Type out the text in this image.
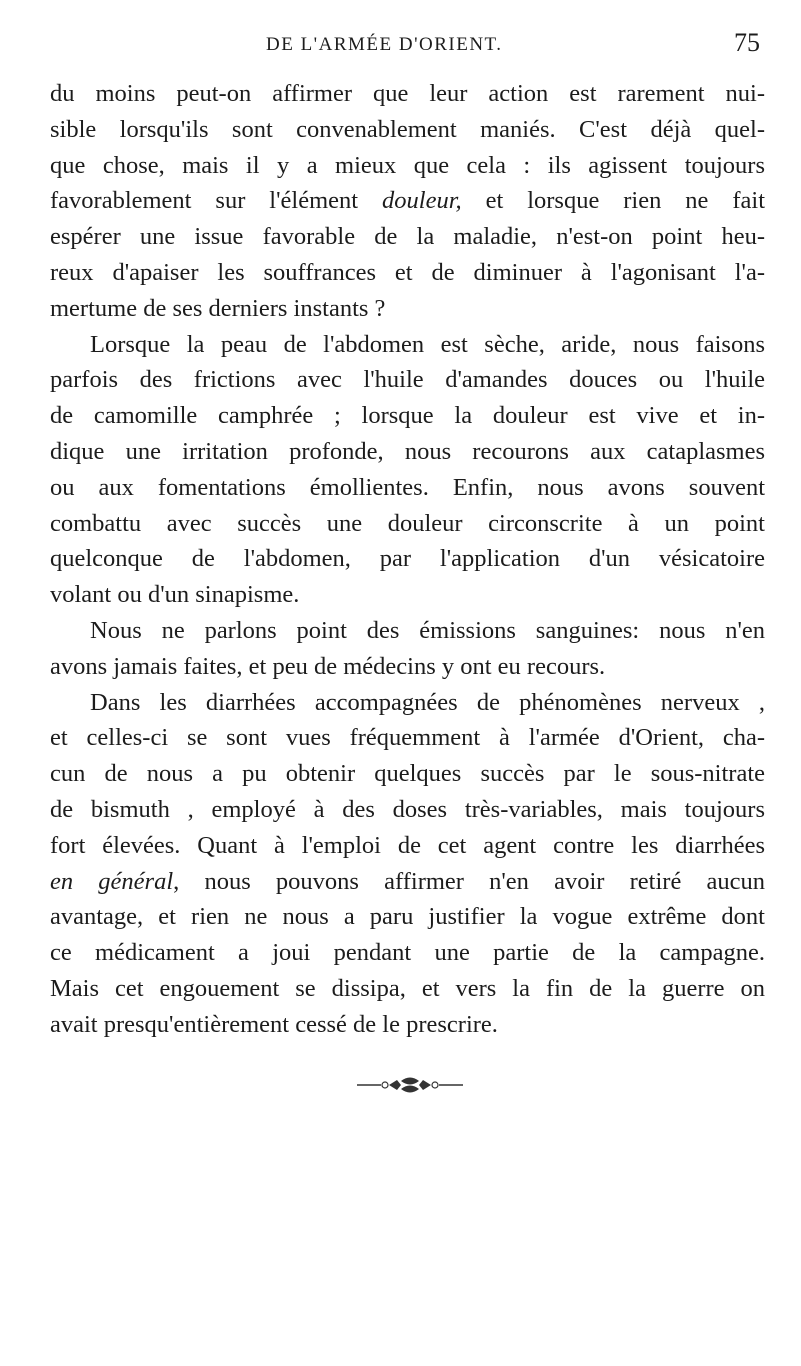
DE L'ARMÉE D'ORIENT.	75
du moins peut-on affirmer que leur action est rarement nui-
sible lorsqu'ils sont convenablement maniés. C'est déjà quel-
que chose, mais il y a mieux que cela : ils agissent toujours
favorablement sur l'élément douleur, et lorsque rien ne fait
espérer une issue favorable de la maladie, n'est-on point heu-
reux d'apaiser les souffrances et de diminuer à l'agonisant l'a-
mertume de ses derniers instants ?
Lorsque la peau de l'abdomen est sèche, aride, nous faisons
parfois des frictions avec l'huile d'amandes douces ou l'huile
de camomille camphrée ; lorsque la douleur est vive et in-
dique une irritation profonde, nous recourons aux cataplasmes
ou aux fomentations émollientes. Enfin, nous avons souvent
combattu avec succès une douleur circonscrite à un point
quelconque de l'abdomen, par l'application d'un vésicatoire
volant ou d'un sinapisme.
Nous ne parlons point des émissions sanguines: nous n'en
avons jamais faites, et peu de médecins y ont eu recours.
Dans les diarrhées accompagnées de phénomènes nerveux ,
et celles-ci se sont vues fréquemment à l'armée d'Orient, cha-
cun de nous a pu obtenir quelques succès par le sous-nitrate
de bismuth , employé à des doses très-variables, mais toujours
fort élevées. Quant à l'emploi de cet agent contre les diarrhées
en général, nous pouvons affirmer n'en avoir retiré aucun
avantage, et rien ne nous a paru justifier la vogue extrême dont
ce médicament a joui pendant une partie de la campagne.
Mais cet engouement se dissipa, et vers la fin de la guerre on
avait presqu'entièrement cessé de le prescrire.
